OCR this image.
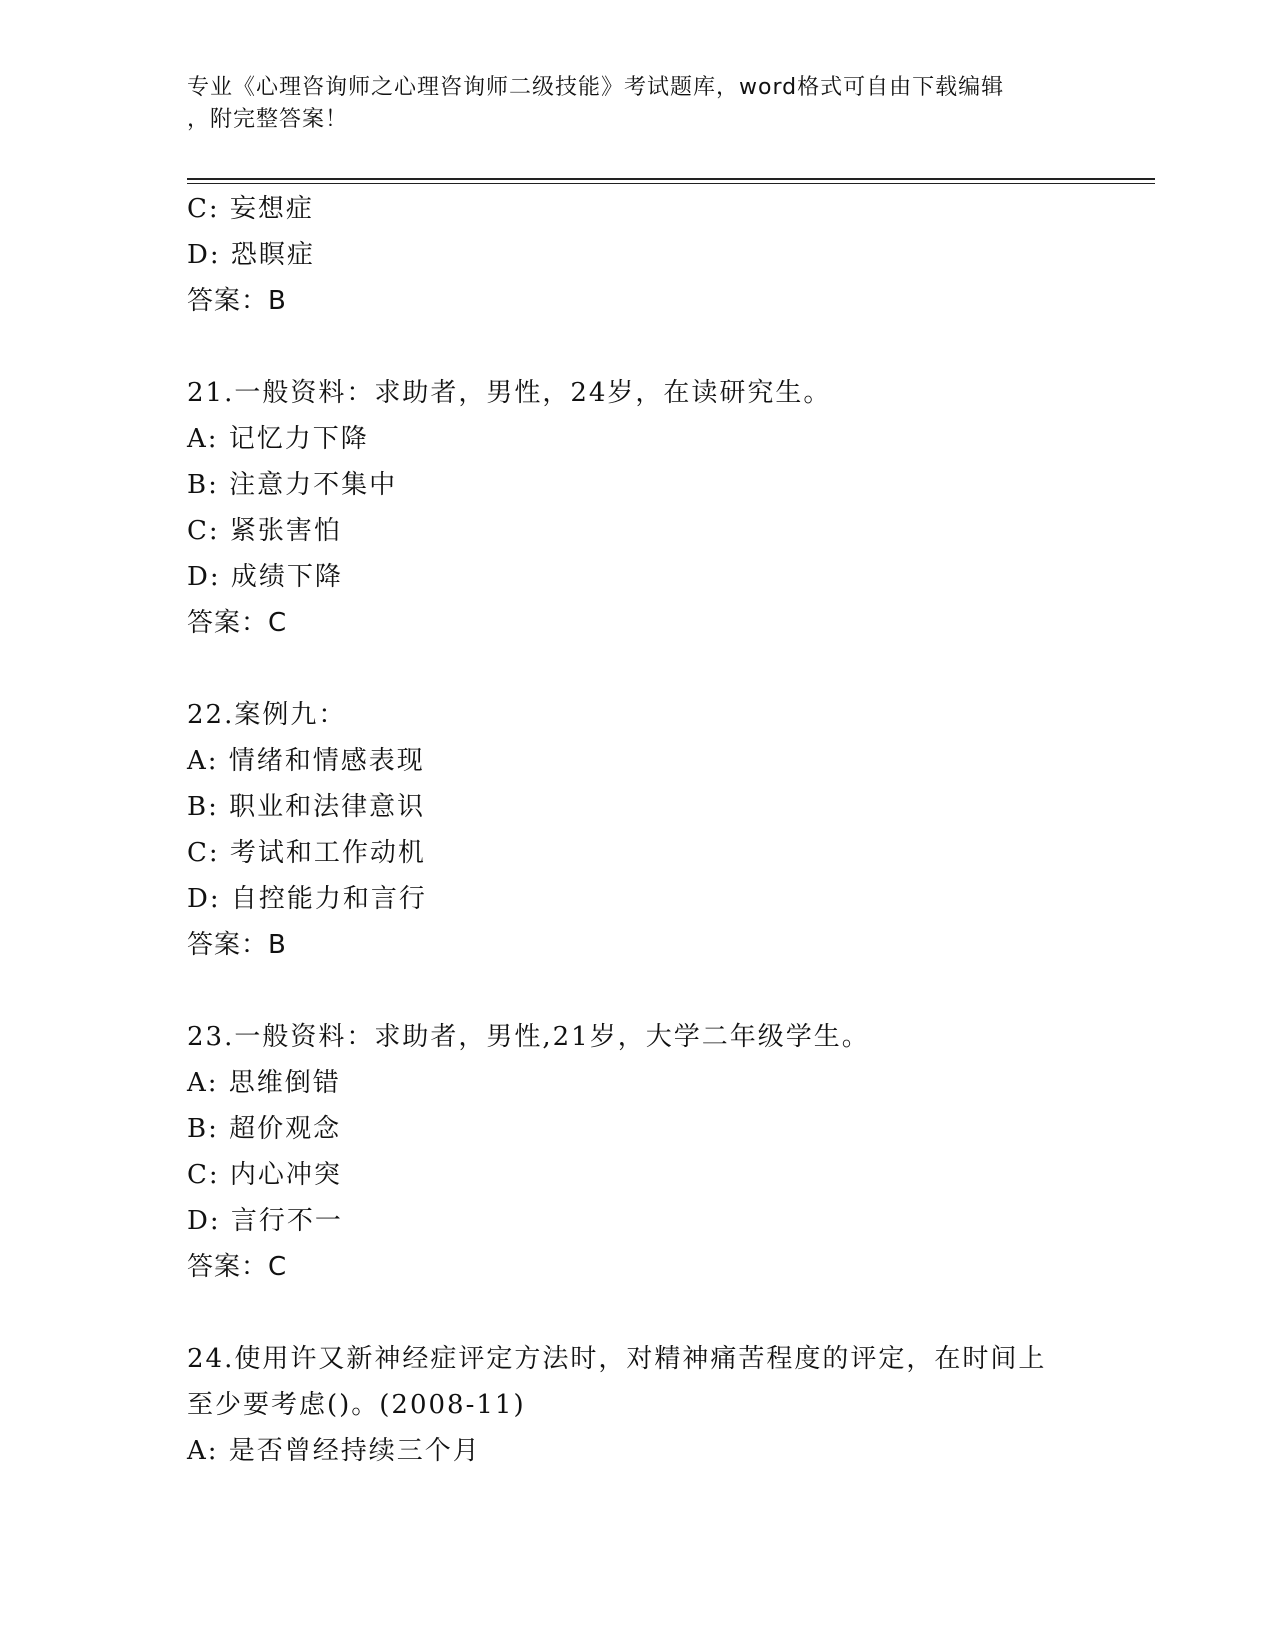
专业《心理咨询师之心理咨询师二级技能》考试题库，word格式可自由下载编辑
，附完整答案！
C: 妄想症
D: 恐瞑症
答案：B
21.一般资料：求助者，男性，24岁，在读研究生。
A: 记忆力下降
B: 注意力不集中
C: 紧张害怕
D: 成绩下降
答案：C
22.案例九：
A: 情绪和情感表现
B: 职业和法律意识
C: 考试和工作动机
D: 自控能力和言行
答案：B
23.一般资料：求助者，男性,21岁，大学二年级学生。
A: 思维倒错
B: 超价观念
C: 内心冲突
D: 言行不一
答案：C
24.使用许又新神经症评定方法时，对精神痛苦程度的评定，在时间上
至少要考虑()。(2008-11)
A: 是否曾经持续三个月
